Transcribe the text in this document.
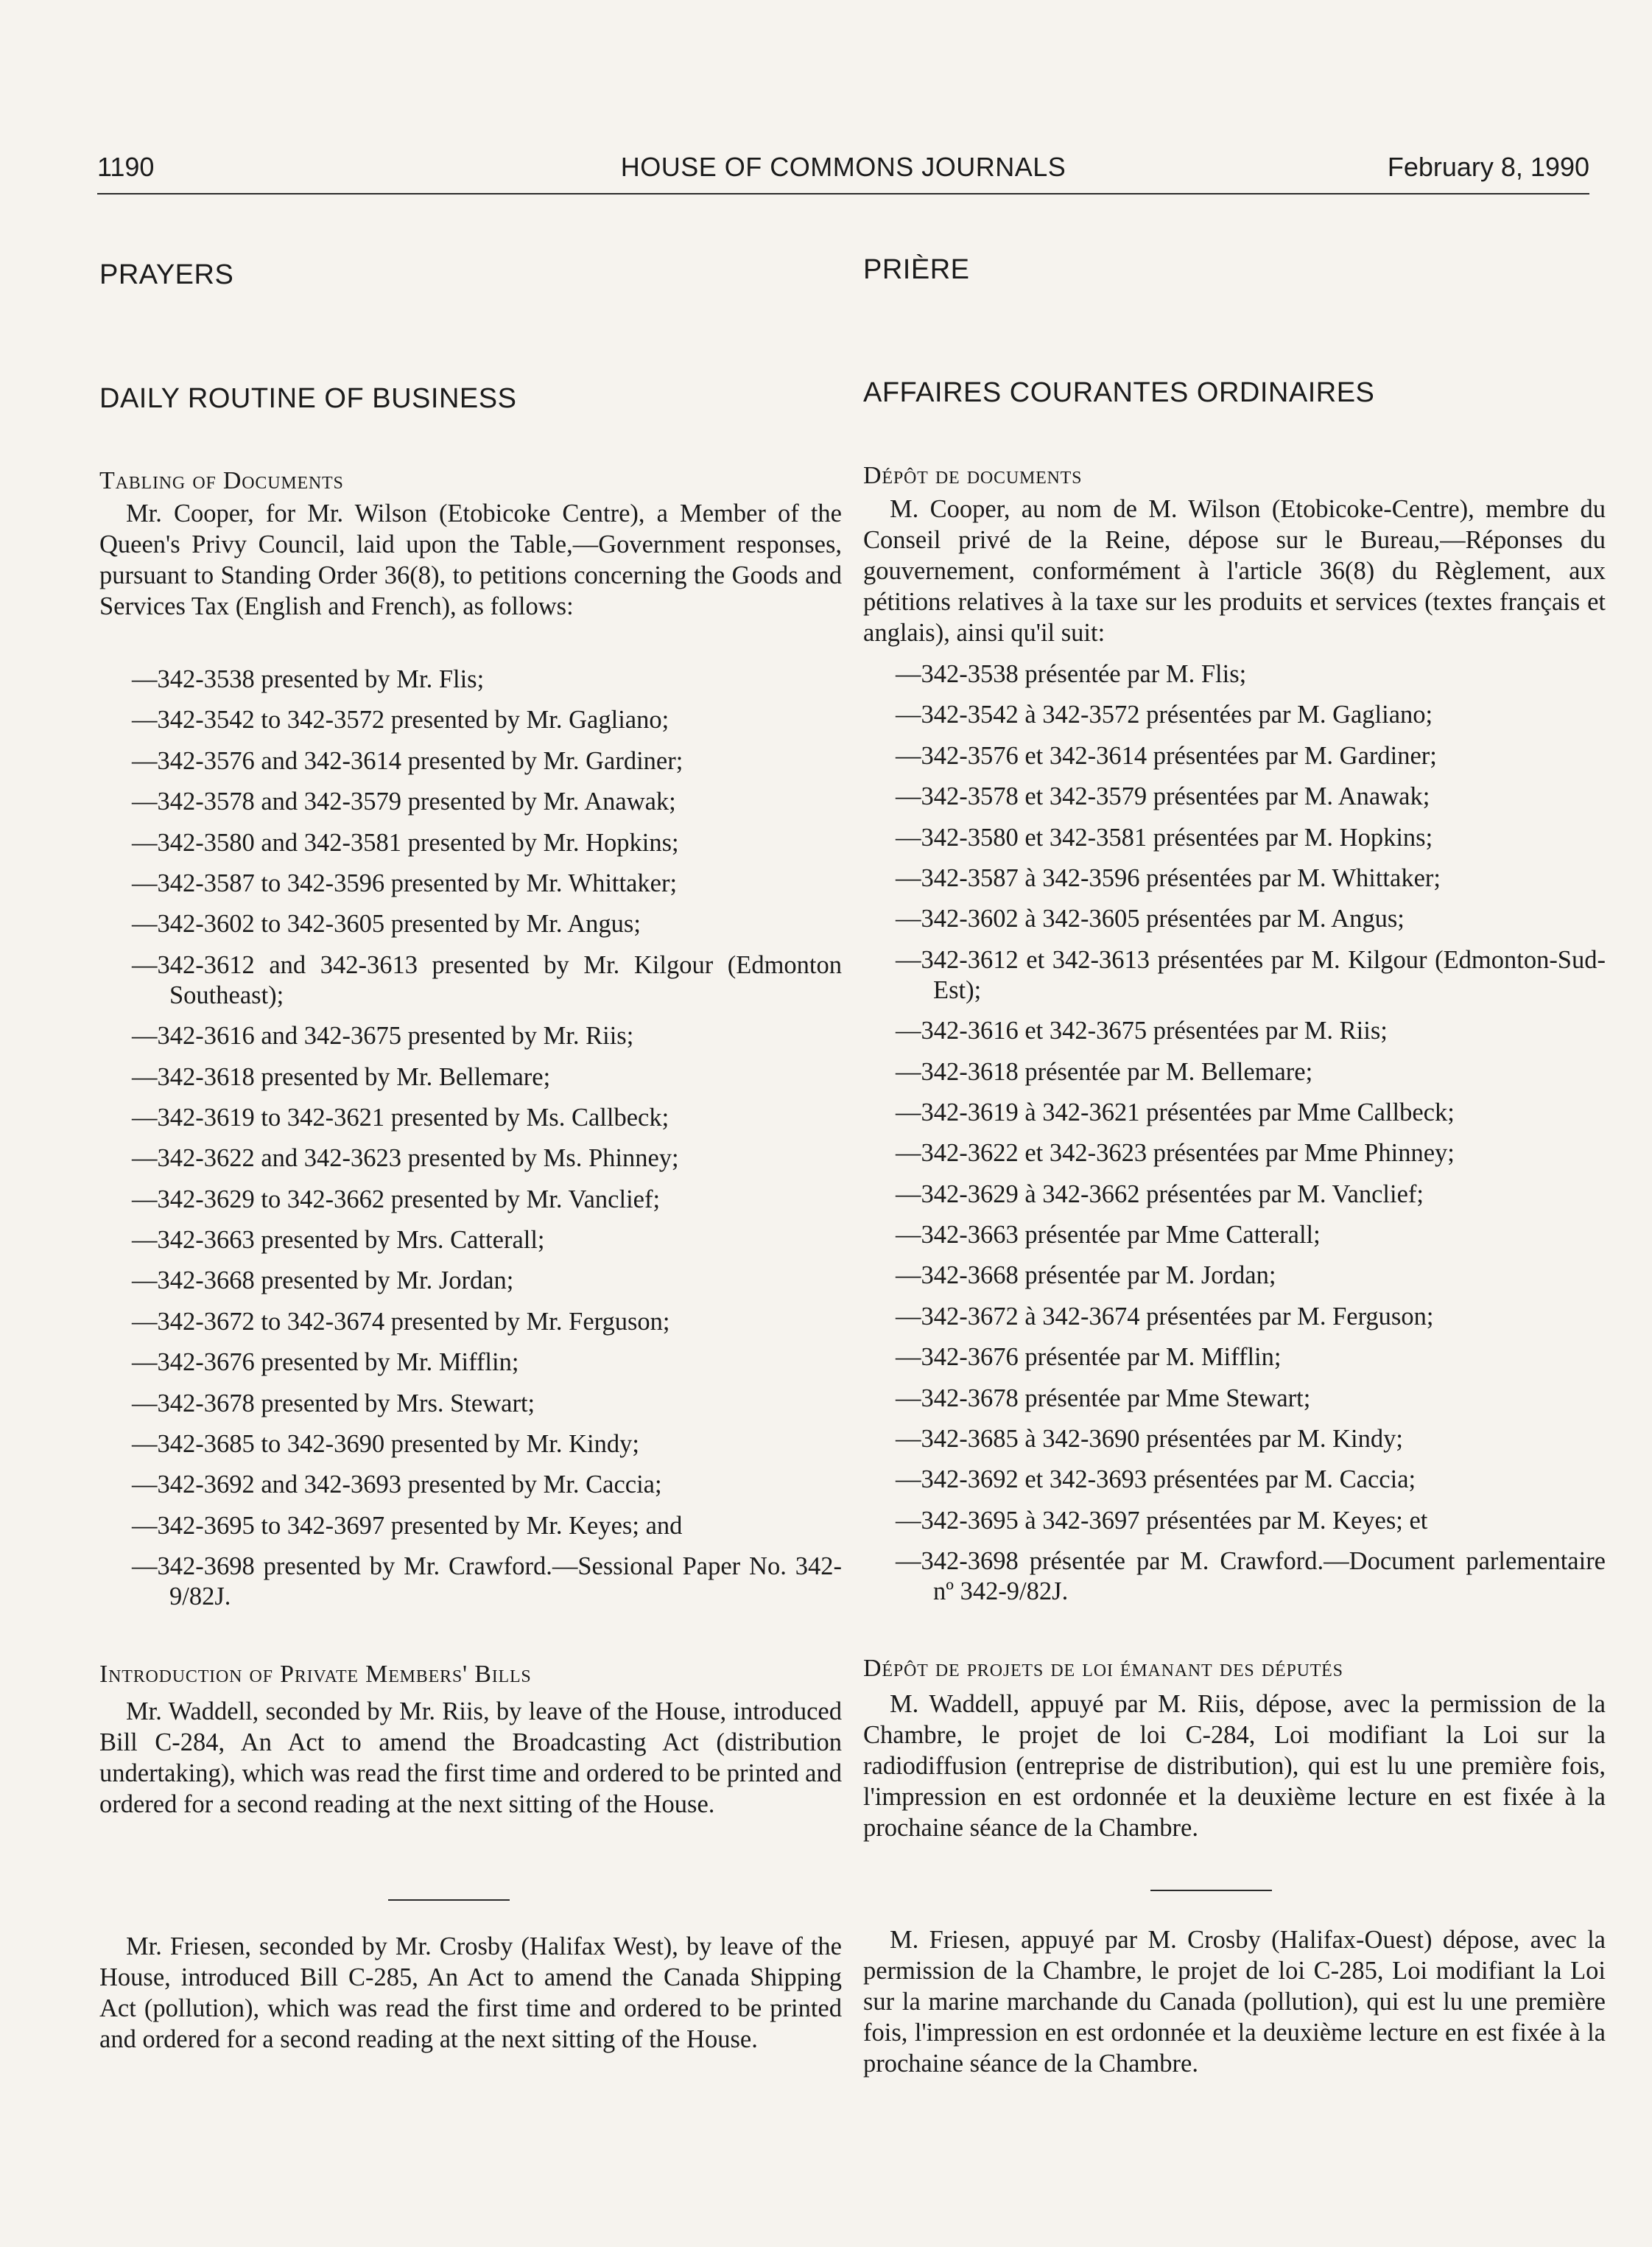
1190	HOUSE OF COMMONS JOURNALS	February 8, 1990
PRAYERS
DAILY ROUTINE OF BUSINESS
Tabling of Documents
Mr. Cooper, for Mr. Wilson (Etobicoke Centre), a Member of the Queen's Privy Council, laid upon the Table,—Government responses, pursuant to Standing Order 36(8), to petitions concerning the Goods and Services Tax (English and French), as follows:
—342-3538 presented by Mr. Flis;
—342-3542 to 342-3572 presented by Mr. Gagliano;
—342-3576 and 342-3614 presented by Mr. Gardiner;
—342-3578 and 342-3579 presented by Mr. Anawak;
—342-3580 and 342-3581 presented by Mr. Hopkins;
—342-3587 to 342-3596 presented by Mr. Whittaker;
—342-3602 to 342-3605 presented by Mr. Angus;
—342-3612 and 342-3613 presented by Mr. Kilgour (Edmonton Southeast);
—342-3616 and 342-3675 presented by Mr. Riis;
—342-3618 presented by Mr. Bellemare;
—342-3619 to 342-3621 presented by Ms. Callbeck;
—342-3622 and 342-3623 presented by Ms. Phinney;
—342-3629 to 342-3662 presented by Mr. Vanclief;
—342-3663 presented by Mrs. Catterall;
—342-3668 presented by Mr. Jordan;
—342-3672 to 342-3674 presented by Mr. Ferguson;
—342-3676 presented by Mr. Mifflin;
—342-3678 presented by Mrs. Stewart;
—342-3685 to 342-3690 presented by Mr. Kindy;
—342-3692 and 342-3693 presented by Mr. Caccia;
—342-3695 to 342-3697 presented by Mr. Keyes; and
—342-3698 presented by Mr. Crawford.—Sessional Paper No. 342-9/82J.
Introduction of Private Members' Bills
Mr. Waddell, seconded by Mr. Riis, by leave of the House, introduced Bill C-284, An Act to amend the Broadcasting Act (distribution undertaking), which was read the first time and ordered to be printed and ordered for a second reading at the next sitting of the House.
Mr. Friesen, seconded by Mr. Crosby (Halifax West), by leave of the House, introduced Bill C-285, An Act to amend the Canada Shipping Act (pollution), which was read the first time and ordered to be printed and ordered for a second reading at the next sitting of the House.
PRIÈRE
AFFAIRES COURANTES ORDINAIRES
Dépôt de documents
M. Cooper, au nom de M. Wilson (Etobicoke-Centre), membre du Conseil privé de la Reine, dépose sur le Bureau,—Réponses du gouvernement, conformément à l'article 36(8) du Règlement, aux pétitions relatives à la taxe sur les produits et services (textes français et anglais), ainsi qu'il suit:
—342-3538 présentée par M. Flis;
—342-3542 à 342-3572 présentées par M. Gagliano;
—342-3576 et 342-3614 présentées par M. Gardiner;
—342-3578 et 342-3579 présentées par M. Anawak;
—342-3580 et 342-3581 présentées par M. Hopkins;
—342-3587 à 342-3596 présentées par M. Whittaker;
—342-3602 à 342-3605 présentées par M. Angus;
—342-3612 et 342-3613 présentées par M. Kilgour (Edmonton-Sud-Est);
—342-3616 et 342-3675 présentées par M. Riis;
—342-3618 présentée par M. Bellemare;
—342-3619 à 342-3621 présentées par Mme Callbeck;
—342-3622 et 342-3623 présentées par Mme Phinney;
—342-3629 à 342-3662 présentées par M. Vanclief;
—342-3663 présentée par Mme Catterall;
—342-3668 présentée par M. Jordan;
—342-3672 à 342-3674 présentées par M. Ferguson;
—342-3676 présentée par M. Mifflin;
—342-3678 présentée par Mme Stewart;
—342-3685 à 342-3690 présentées par M. Kindy;
—342-3692 et 342-3693 présentées par M. Caccia;
—342-3695 à 342-3697 présentées par M. Keyes; et
—342-3698 présentée par M. Crawford.—Document parlementaire nº 342-9/82J.
Dépôt de projets de loi émanant des députés
M. Waddell, appuyé par M. Riis, dépose, avec la permission de la Chambre, le projet de loi C-284, Loi modifiant la Loi sur la radiodiffusion (entreprise de distribution), qui est lu une première fois, l'impression en est ordonnée et la deuxième lecture en est fixée à la prochaine séance de la Chambre.
M. Friesen, appuyé par M. Crosby (Halifax-Ouest) dépose, avec la permission de la Chambre, le projet de loi C-285, Loi modifiant la Loi sur la marine marchande du Canada (pollution), qui est lu une première fois, l'impression en est ordonnée et la deuxième lecture en est fixée à la prochaine séance de la Chambre.
